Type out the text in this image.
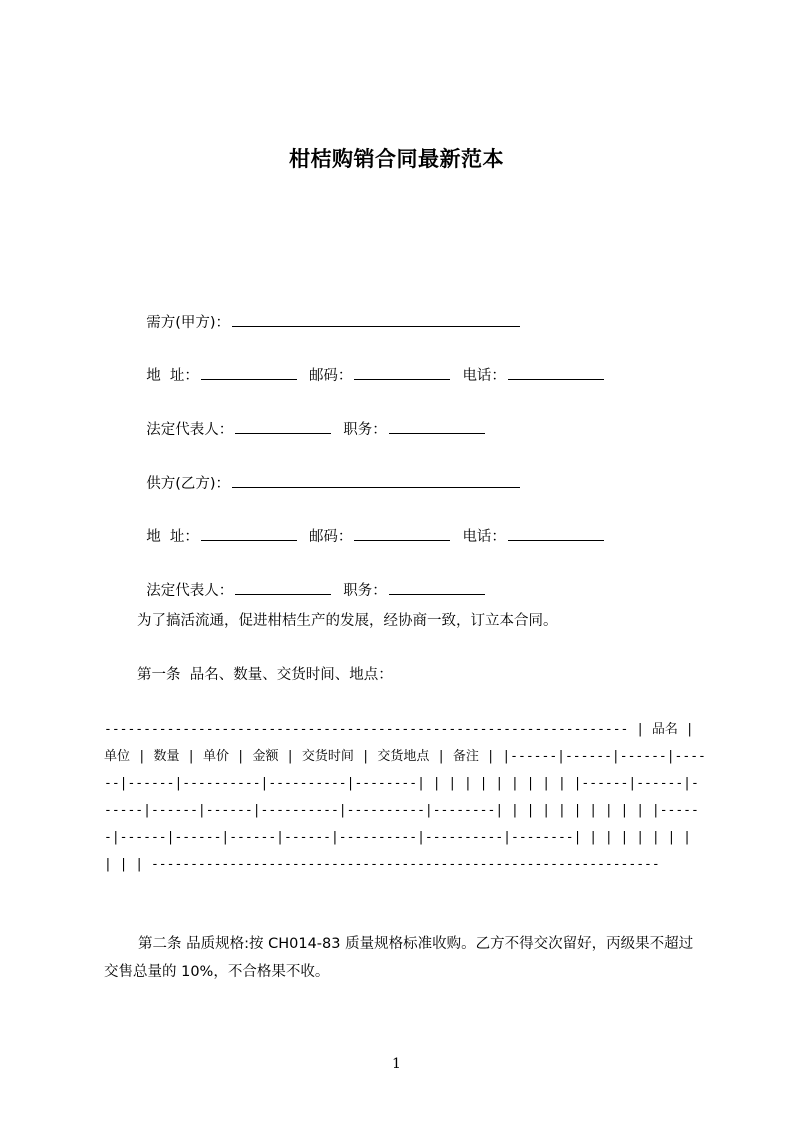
柑桔购销合同最新范本

需方(甲方)：

地  址：	邮码：	电话：

法定代表人：	职务：

供方(乙方)：

地  址：	邮码：	电话：

法定代表人：	职务：

为了搞活流通，促进柑桔生产的发展，经协商一致，订立本合同。
第一条  品名、数量、交货时间、地点：
------------------------------------------------------------------- | 品名 | 单位 | 数量 | 单价 | 金额 | 交货时间 | 交货地点 | 备注 | |------|------|------|------|------|----------|----------|--------| | | | | | | | | | |------|------|------|------|------|----------|----------|--------| | | | | | | | | | |------|------|------|------|------|----------|----------|--------| | | | | | | | | | | -----------------------------------------------------------------
第二条 品质规格:按 CH014-83 质量规格标准收购。乙方不得交次留好，丙级果不超过交售总量的 10%，不合格果不收。
1
